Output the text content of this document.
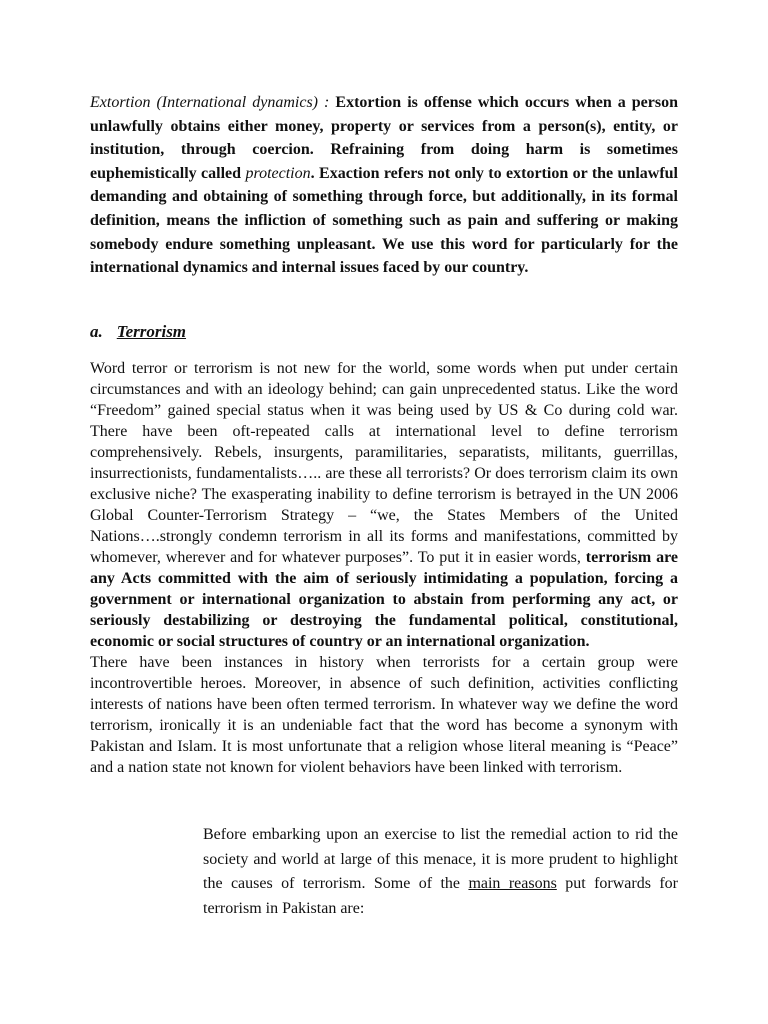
Extortion (International dynamics) : Extortion is offense which occurs when a person unlawfully obtains either money, property or services from a person(s), entity, or institution, through coercion. Refraining from doing harm is sometimes euphemistically called protection. Exaction refers not only to extortion or the unlawful demanding and obtaining of something through force, but additionally, in its formal definition, means the infliction of something such as pain and suffering or making somebody endure something unpleasant. We use this word for particularly for the international dynamics and internal issues faced by our country.
a. Terrorism
Word terror or terrorism is not new for the world, some words when put under certain circumstances and with an ideology behind; can gain unprecedented status. Like the word “Freedom” gained special status when it was being used by US & Co during cold war. There have been oft-repeated calls at international level to define terrorism comprehensively. Rebels, insurgents, paramilitaries, separatists, militants, guerrillas, insurrectionists, fundamentalists….. are these all terrorists? Or does terrorism claim its own exclusive niche? The exasperating inability to define terrorism is betrayed in the UN 2006 Global Counter-Terrorism Strategy – “we, the States Members of the United Nations….strongly condemn terrorism in all its forms and manifestations, committed by whomever, wherever and for whatever purposes”. To put it in easier words, terrorism are any Acts committed with the aim of seriously intimidating a population, forcing a government or international organization to abstain from performing any act, or seriously destabilizing or destroying the fundamental political, constitutional, economic or social structures of country or an international organization.
There have been instances in history when terrorists for a certain group were incontrovertible heroes. Moreover, in absence of such definition, activities conflicting interests of nations have been often termed terrorism. In whatever way we define the word terrorism, ironically it is an undeniable fact that the word has become a synonym with Pakistan and Islam. It is most unfortunate that a religion whose literal meaning is “Peace” and a nation state not known for violent behaviors have been linked with terrorism.
Before embarking upon an exercise to list the remedial action to rid the society and world at large of this menace, it is more prudent to highlight the causes of terrorism. Some of the main reasons put forwards for terrorism in Pakistan are:
